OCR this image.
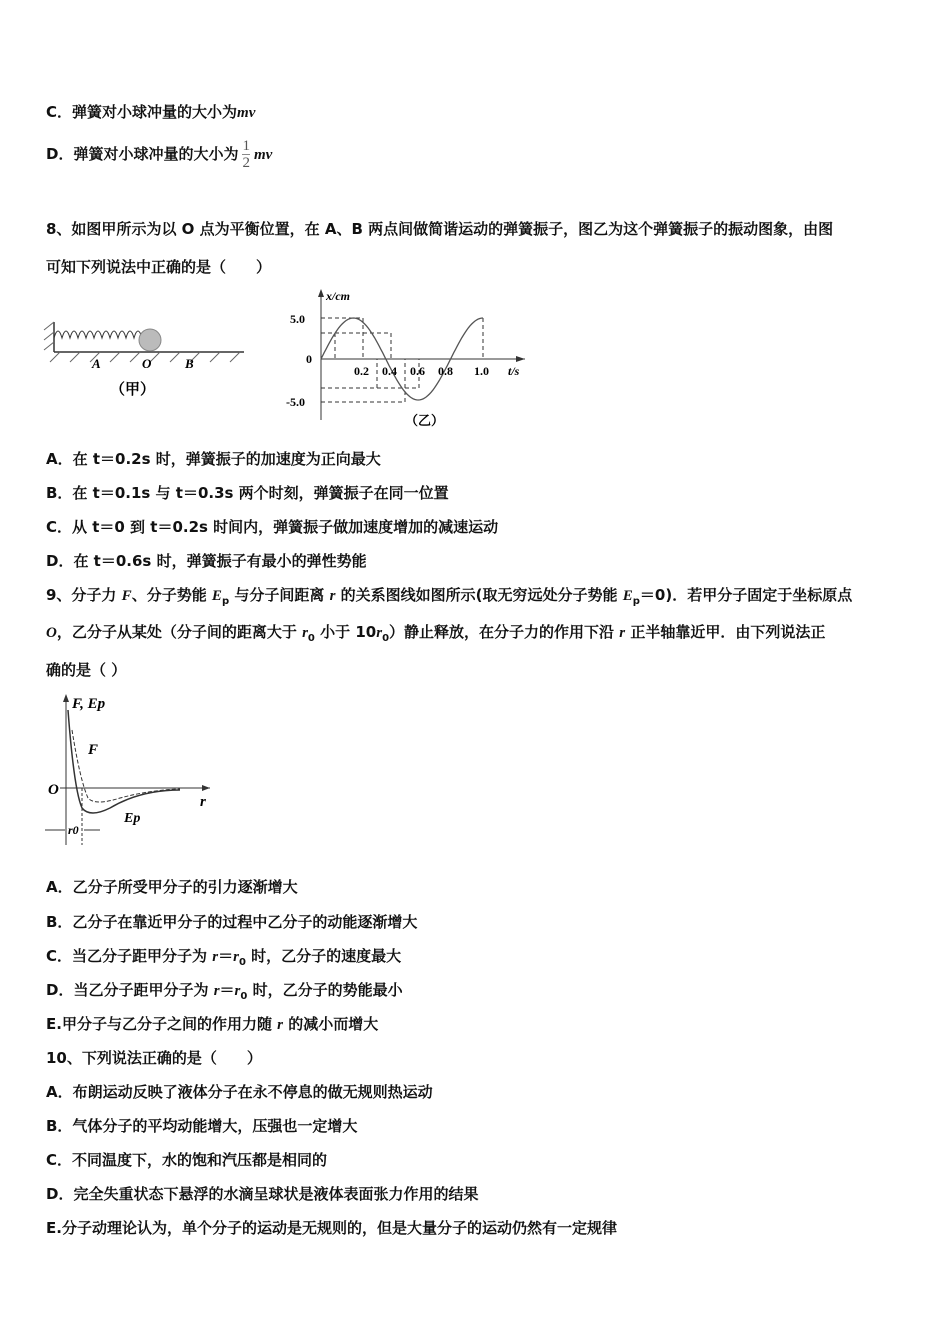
C．弹簧对小球冲量的大小为mv
D．弹簧对小球冲量的大小为 $\frac{1}{2}$ mv
8、如图甲所示为以 O 点为平衡位置，在 A、B 两点间做简谐运动的弹簧振子，图乙为这个弹簧振子的振动图象，由图
可知下列说法中正确的是（　　）
A	O	B
（甲）
x/cm
t/s
5.0
0
-5.0
0.2 0.4 0.6 0.8 1.0
（乙）
A．在 t＝0.2s 时，弹簧振子的加速度为正向最大
B．在 t＝0.1s 与 t＝0.3s 两个时刻，弹簧振子在同一位置
C．从 t＝0 到 t＝0.2s 时间内，弹簧振子做加速度增加的减速运动
D．在 t＝0.6s 时，弹簧振子有最小的弹性势能
9、分子力 F、分子势能 $E_p$ 与分子间距离 r 的关系图线如图所示(取无穷远处分子势能 $E_p=0$)．若甲分子固定于坐标原点
O，乙分子从某处（分子间的距离大于 $r_0$ 小于 $10r_0$）静止释放，在分子力的作用下沿 r 正半轴靠近甲．由下列说法正
确的是（ ）
F, Ep
F
Ep
O
r
r0
A．乙分子所受甲分子的引力逐渐增大
B．乙分子在靠近甲分子的过程中乙分子的动能逐渐增大
C．当乙分子距甲分子为 $r=r_0$ 时，乙分子的速度最大
D．当乙分子距甲分子为 $r=r_0$ 时，乙分子的势能最小
E.甲分子与乙分子之间的作用力随 r 的减小而增大
10、下列说法正确的是（　　）
A．布朗运动反映了液体分子在永不停息的做无规则热运动
B．气体分子的平均动能增大，压强也一定增大
C．不同温度下，水的饱和汽压都是相同的
D．完全失重状态下悬浮的水滴呈球状是液体表面张力作用的结果
E.分子动理论认为，单个分子的运动是无规则的，但是大量分子的运动仍然有一定规律
